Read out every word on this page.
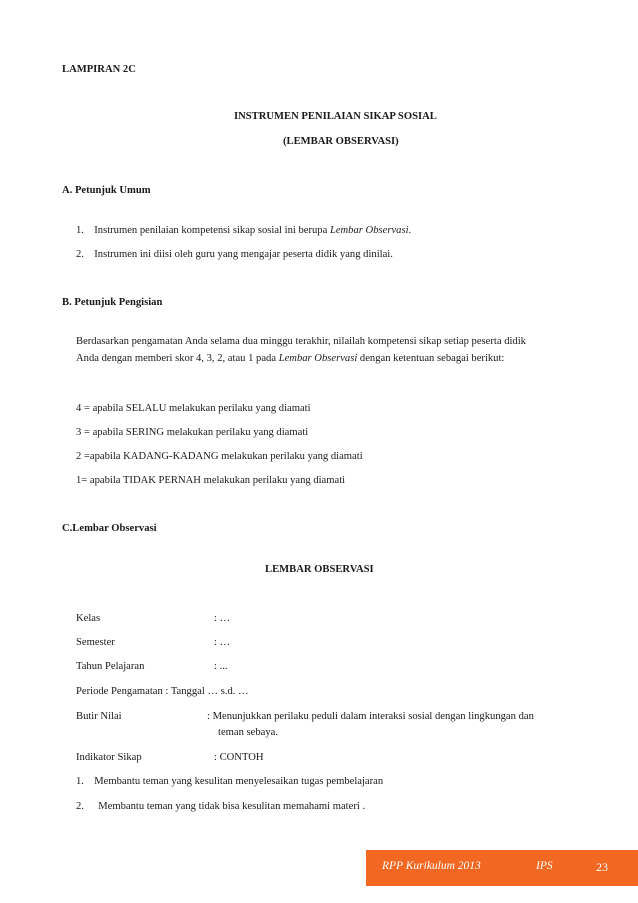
LAMPIRAN 2C
INSTRUMEN PENILAIAN SIKAP SOSIAL
(LEMBAR OBSERVASI)
A. Petunjuk Umum
1. Instrumen penilaian kompetensi sikap sosial ini berupa Lembar Observasi.
2. Instrumen ini diisi oleh guru yang mengajar peserta didik yang dinilai.
B. Petunjuk Pengisian
Berdasarkan pengamatan Anda selama dua minggu terakhir, nilailah kompetensi sikap setiap peserta didik
Anda dengan memberi skor 4, 3, 2, atau 1 pada Lembar Observasi dengan ketentuan sebagai berikut:
4 = apabila SELALU melakukan perilaku yang diamati
3 = apabila SERING melakukan perilaku yang diamati
2 =apabila KADANG-KADANG melakukan perilaku yang diamati
1= apabila TIDAK PERNAH melakukan perilaku yang diamati
C.Lembar Observasi
LEMBAR OBSERVASI
Kelas	: …
Semester	: …
Tahun Pelajaran	: ...
Periode Pengamatan : Tanggal … s.d. …
Butir Nilai	: Menunjukkan perilaku peduli dalam interaksi sosial dengan lingkungan dan
teman sebaya.
Indikator Sikap	: CONTOH
1. Membantu teman yang kesulitan menyelesaikan tugas pembelajaran
2. Membantu teman yang tidak bisa kesulitan memahami materi .
RPP Kurikulum 2013	IPS	23
